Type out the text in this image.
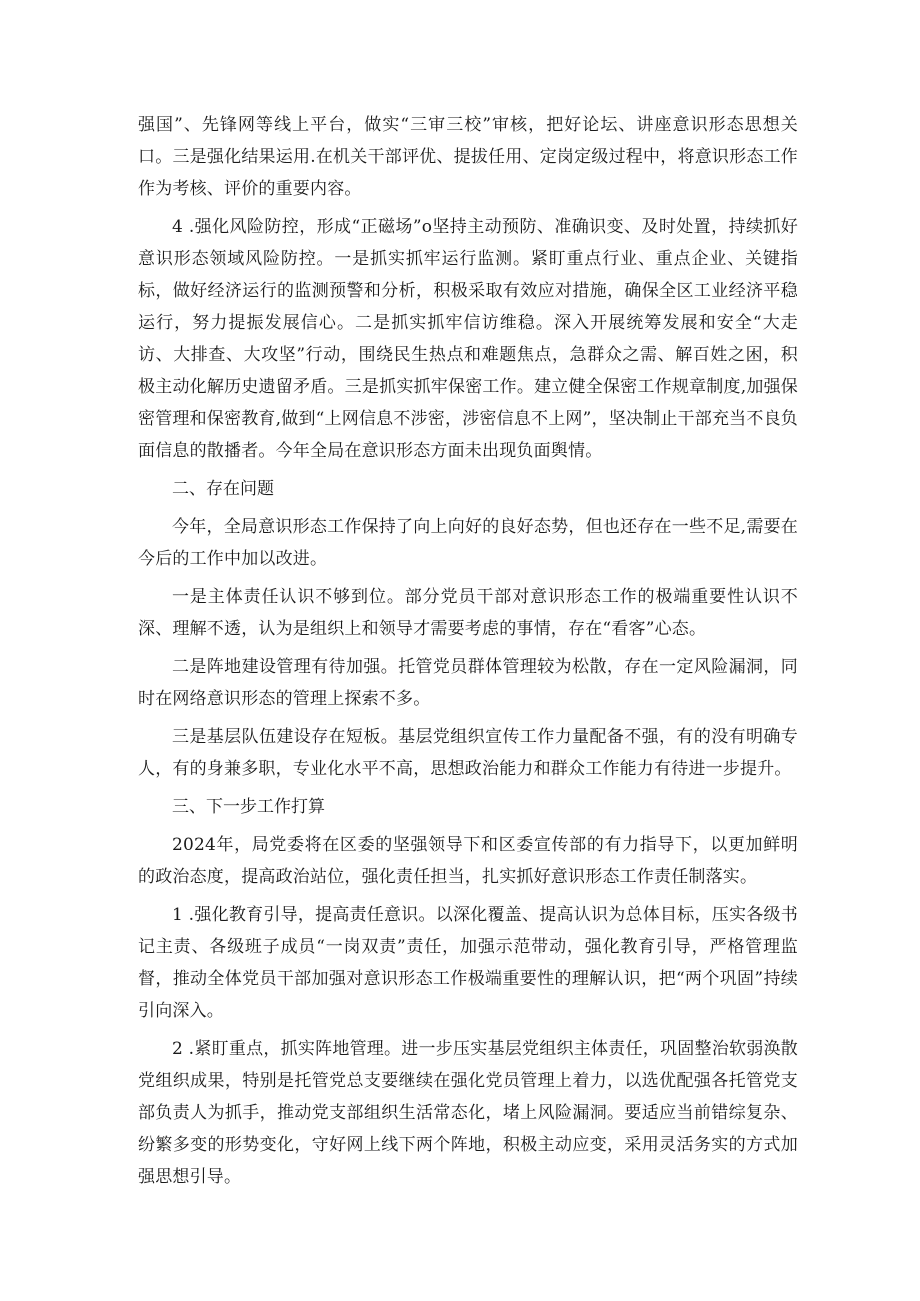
强国”、先锋网等线上平台，做实“三审三校”审核，把好论坛、讲座意识形态思想关口。三是强化结果运用.在机关干部评优、提拔任用、定岗定级过程中，将意识形态工作作为考核、评价的重要内容。

4 .强化风险防控，形成“正磁场”o坚持主动预防、准确识变、及时处置，持续抓好意识形态领域风险防控。一是抓实抓牢运行监测。紧盯重点行业、重点企业、关键指标，做好经济运行的监测预警和分析，积极采取有效应对措施，确保全区工业经济平稳运行，努力提振发展信心。二是抓实抓牢信访维稳。深入开展统筹发展和安全“大走访、大排查、大攻坚”行动，围绕民生热点和难题焦点，急群众之需、解百姓之困，积极主动化解历史遗留矛盾。三是抓实抓牢保密工作。建立健全保密工作规章制度,加强保密管理和保密教育,做到“上网信息不涉密，涉密信息不上网”，坚决制止干部充当不良负面信息的散播者。今年全局在意识形态方面未出现负面舆情。

二、存在问题

今年，全局意识形态工作保持了向上向好的良好态势，但也还存在一些不足,需要在今后的工作中加以改进。

一是主体责任认识不够到位。部分党员干部对意识形态工作的极端重要性认识不深、理解不透，认为是组织上和领导才需要考虑的事情，存在“看客”心态。

二是阵地建设管理有待加强。托管党员群体管理较为松散，存在一定风险漏洞，同时在网络意识形态的管理上探索不多。

三是基层队伍建设存在短板。基层党组织宣传工作力量配备不强，有的没有明确专人，有的身兼多职，专业化水平不高，思想政治能力和群众工作能力有待进一步提升。

三、下一步工作打算

2024年，局党委将在区委的坚强领导下和区委宣传部的有力指导下，以更加鲜明的政治态度，提高政治站位，强化责任担当，扎实抓好意识形态工作责任制落实。

1 .强化教育引导，提高责任意识。以深化覆盖、提高认识为总体目标，压实各级书记主责、各级班子成员“一岗双责”责任，加强示范带动，强化教育引导，严格管理监督，推动全体党员干部加强对意识形态工作极端重要性的理解认识，把“两个巩固”持续引向深入。

2 .紧盯重点，抓实阵地管理。进一步压实基层党组织主体责任，巩固整治软弱涣散党组织成果，特别是托管党总支要继续在强化党员管理上着力，以选优配强各托管党支部负责人为抓手，推动党支部组织生活常态化，堵上风险漏洞。要适应当前错综复杂、纷繁多变的形势变化，守好网上线下两个阵地，积极主动应变，采用灵活务实的方式加强思想引导。
